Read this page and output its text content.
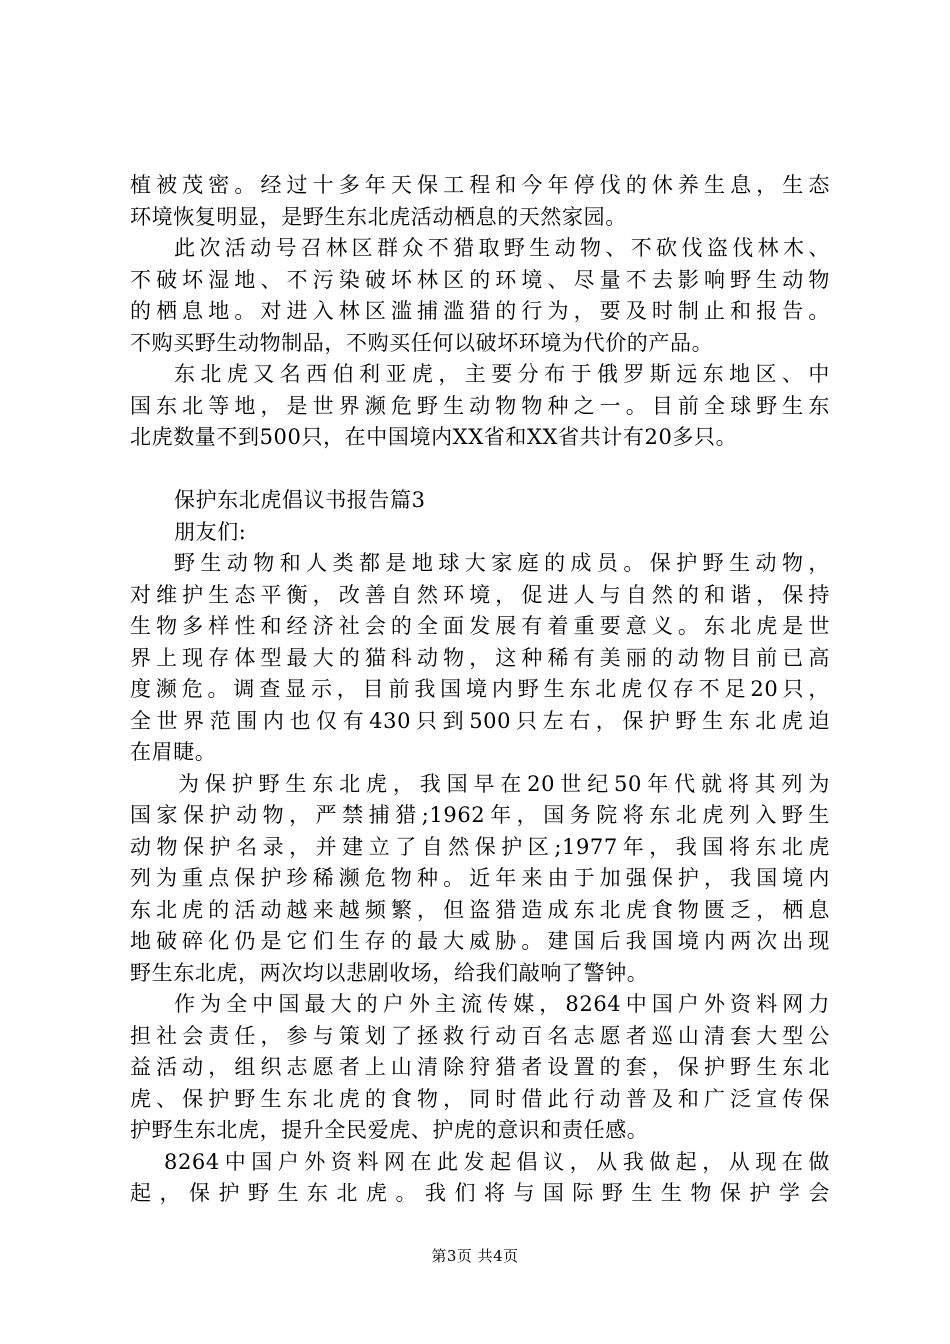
植被茂密。经过十多年天保工程和今年停伐的休养生息，生态
环境恢复明显，是野生东北虎活动栖息的天然家园。
此次活动号召林区群众不猎取野生动物、不砍伐盗伐林木、
不破坏湿地、不污染破坏林区的环境、尽量不去影响野生动物
的栖息地。对进入林区滥捕滥猎的行为，要及时制止和报告。
不购买野生动物制品，不购买任何以破坏环境为代价的产品。
东北虎又名西伯利亚虎，主要分布于俄罗斯远东地区、中
国东北等地，是世界濒危野生动物物种之一。目前全球野生东
北虎数量不到500只，在中国境内XX省和XX省共计有20多只。
保护东北虎倡议书报告篇3
朋友们:
野生动物和人类都是地球大家庭的成员。保护野生动物，
对维护生态平衡，改善自然环境，促进人与自然的和谐，保持
生物多样性和经济社会的全面发展有着重要意义。东北虎是世
界上现存体型最大的猫科动物，这种稀有美丽的动物目前已高
度濒危。调查显示，目前我国境内野生东北虎仅存不足20只，
全世界范围内也仅有430只到500只左右，保护野生东北虎迫
在眉睫。
为保护野生东北虎，我国早在20世纪50年代就将其列为
国家保护动物，严禁捕猎;1962年，国务院将东北虎列入野生
动物保护名录，并建立了自然保护区;1977年，我国将东北虎
列为重点保护珍稀濒危物种。近年来由于加强保护，我国境内
东北虎的活动越来越频繁，但盗猎造成东北虎食物匮乏，栖息
地破碎化仍是它们生存的最大威胁。建国后我国境内两次出现
野生东北虎，两次均以悲剧收场，给我们敲响了警钟。
作为全中国最大的户外主流传媒，8264中国户外资料网力
担社会责任，参与策划了拯救行动百名志愿者巡山清套大型公
益活动，组织志愿者上山清除狩猎者设置的套，保护野生东北
虎、保护野生东北虎的食物，同时借此行动普及和广泛宣传保
护野生东北虎，提升全民爱虎、护虎的意识和责任感。
8264中国户外资料网在此发起倡议，从我做起，从现在做
起，保护野生东北虎。我们将与国际野生生物保护学会
第3页 共4页
